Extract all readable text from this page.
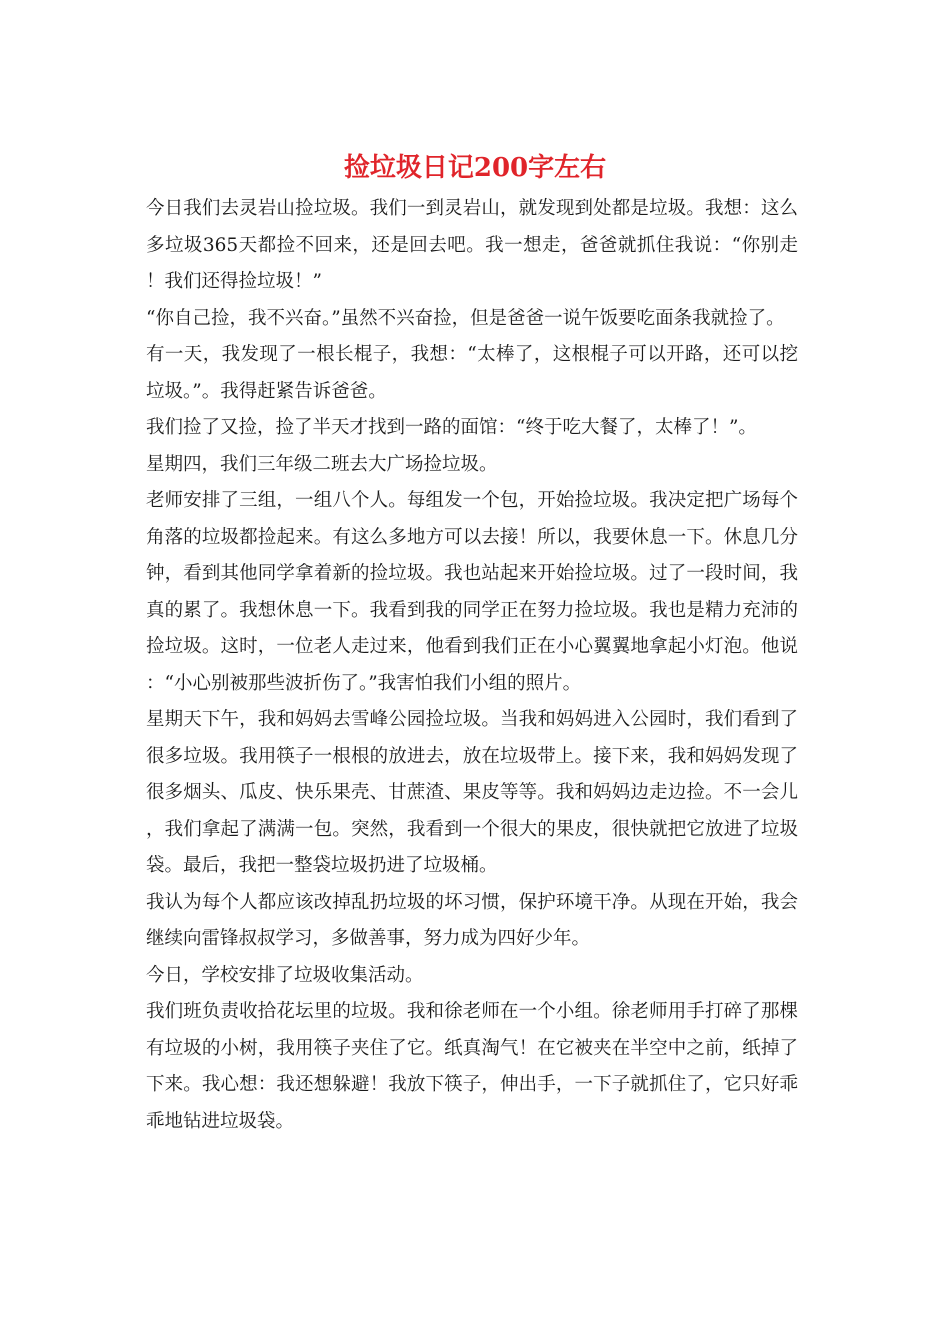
捡垃圾日记200字左右

今日我们去灵岩山捡垃圾。我们一到灵岩山，就发现到处都是垃圾。我想：这么多垃圾365天都捡不回来，还是回去吧。我一想走，爸爸就抓住我说：“你别走！我们还得捡垃圾！”

“你自己捡，我不兴奋。”虽然不兴奋捡，但是爸爸一说午饭要吃面条我就捡了。

有一天，我发现了一根长棍子，我想：“太棒了，这根棍子可以开路，还可以挖垃圾。”。我得赶紧告诉爸爸。

我们捡了又捡，捡了半天才找到一路的面馆：“终于吃大餐了，太棒了！”。

星期四，我们三年级二班去大广场捡垃圾。

老师安排了三组，一组八个人。每组发一个包，开始捡垃圾。我决定把广场每个角落的垃圾都捡起来。有这么多地方可以去接！所以，我要休息一下。休息几分钟，看到其他同学拿着新的捡垃圾。我也站起来开始捡垃圾。过了一段时间，我真的累了。我想休息一下。我看到我的同学正在努力捡垃圾。我也是精力充沛的捡垃圾。这时，一位老人走过来，他看到我们正在小心翼翼地拿起小灯泡。他说：“小心别被那些波折伤了。”我害怕我们小组的照片。

星期天下午，我和妈妈去雪峰公园捡垃圾。当我和妈妈进入公园时，我们看到了很多垃圾。我用筷子一根根的放进去，放在垃圾带上。接下来，我和妈妈发现了很多烟头、瓜皮、快乐果壳、甘蔗渣、果皮等等。我和妈妈边走边捡。不一会儿，我们拿起了满满一包。突然，我看到一个很大的果皮，很快就把它放进了垃圾袋。最后，我把一整袋垃圾扔进了垃圾桶。

我认为每个人都应该改掉乱扔垃圾的坏习惯，保护环境干净。从现在开始，我会继续向雷锋叔叔学习，多做善事，努力成为四好少年。

今日，学校安排了垃圾收集活动。

我们班负责收拾花坛里的垃圾。我和徐老师在一个小组。徐老师用手打碎了那棵有垃圾的小树，我用筷子夹住了它。纸真淘气！在它被夹在半空中之前，纸掉了下来。我心想：我还想躲避！我放下筷子，伸出手，一下子就抓住了，它只好乖乖地钻进垃圾袋。
